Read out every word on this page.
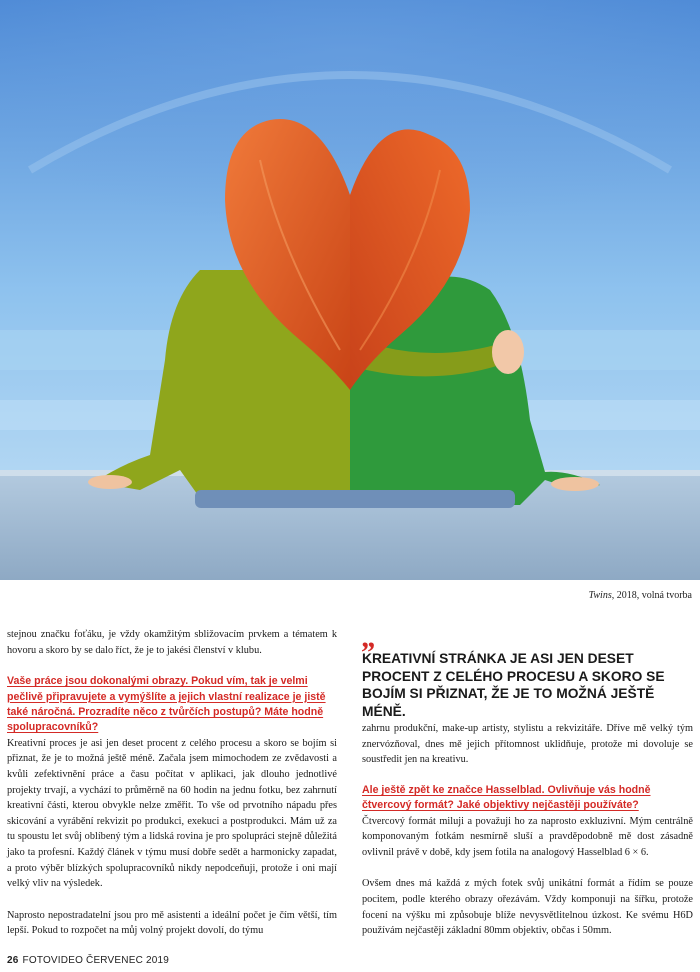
Twins, 2018, volná tvorba

stejnou značku foťáku, je vždy okamžitým sbližovacím prvkem a tématem k hovoru a skoro by se dalo říct, že je to jakési členství v klubu.

Vaše práce jsou dokonalými obrazy. Pokud vím, tak je velmi pečlivě připravujete a vymýšlíte a jejich vlastní realizace je jistě také náročná. Prozradíte něco z tvůrčích postupů? Máte hodně spolupracovníků?

Kreativní proces je asi jen deset procent z celého procesu a skoro se bojím si přiznat, že je to možná ještě méně. Začala jsem mimochodem ze zvědavosti a kvůli zefektivnění práce a času počítat v aplikaci, jak dlouho jednotlivé projekty trvají, a vychází to průměrně na 60 hodin na jednu fotku, bez zahrnutí kreativní části, kterou obvykle nelze změřit. To vše od prvotního nápadu přes skicování a vyrábění rekvizit po produkci, exekuci a postprodukci. Mám už za tu spoustu let svůj oblíbený tým a lidská rovina je pro spolupráci stejně důležitá jako ta profesní. Každý článek v týmu musí dobře sedět a harmonicky zapadat, a proto výběr blízkých spolupracovníků nikdy nepodceňuji, protože i oni mají velký vliv na výsledek.

Naprosto nepostradatelní jsou pro mě asistenti a ideální počet je čím větší, tím lepší. Pokud to rozpočet na můj volný projekt dovolí, do týmu

„
KREATIVNÍ STRÁNKA JE ASI JEN DESET PROCENT Z CELÉHO PROCESU A SKORO SE BOJÍM SI PŘIZNAT, ŽE JE TO MOŽNÁ JEŠTĚ MÉNĚ.

zahrnu produkční, make-up artisty, stylistu a rekvizitáře. Dříve mě velký tým znervózňoval, dnes mě jejich přítomnost uklidňuje, protože mi dovoluje se soustředit jen na kreativu.

Ale ještě zpět ke značce Hasselblad. Ovlivňuje vás hodně čtvercový formát? Jaké objektivy nejčastěji používáte?

Čtvercový formát miluji a považuji ho za naprosto exkluzivní. Mým centrálně komponovaným fotkám nesmírně sluší a pravděpodobně mě dost zásadně ovlivnil právě v době, kdy jsem fotila na analogový Hasselblad 6 × 6.

Ovšem dnes má každá z mých fotek svůj unikátní formát a řídím se pouze pocitem, podle kterého obrazy ořezávám. Vždy komponuji na šířku, protože focení na výšku mi způsobuje blíže nevysvětlitelnou úzkost. Ke svému H6D používám nejčastěji základní 80mm objektiv, občas i 50mm.

26 FOTOVIDEO ČERVENEC 2019
